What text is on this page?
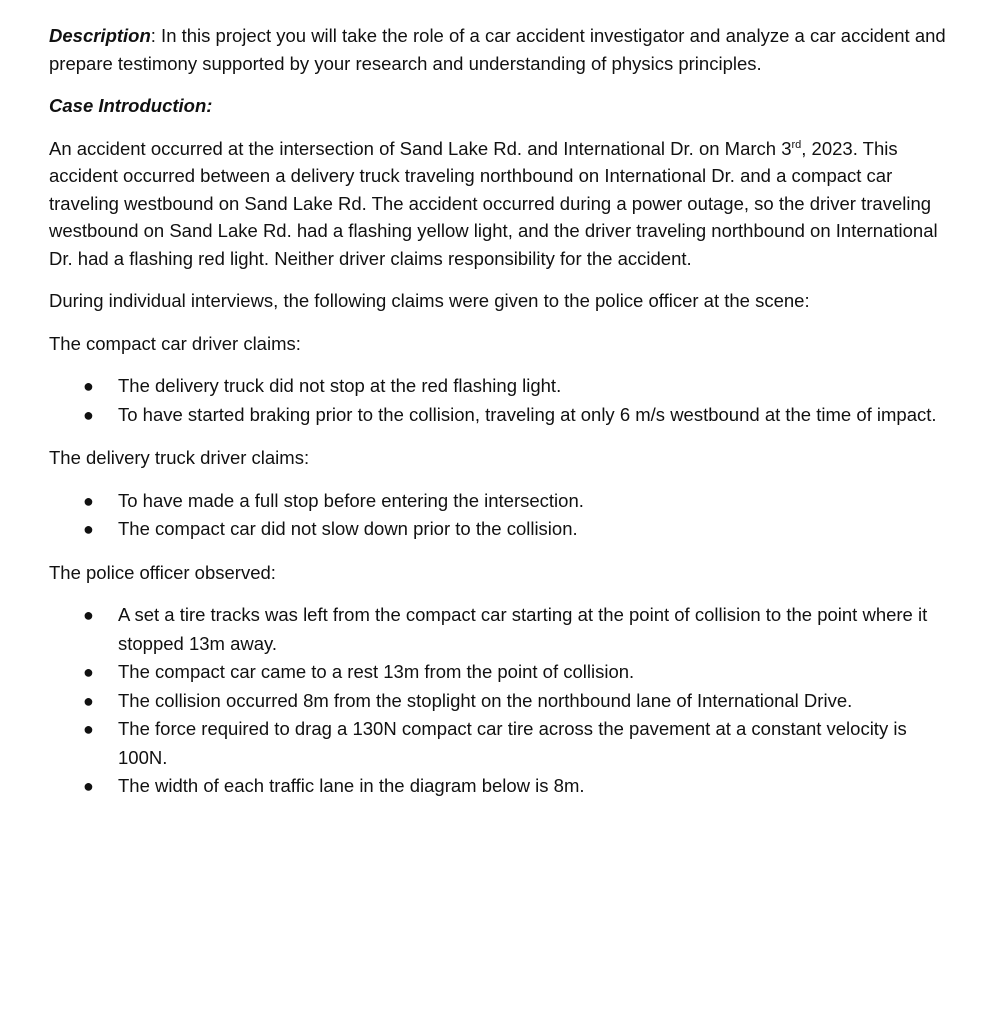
Description: In this project you will take the role of a car accident investigator and analyze a car accident and prepare testimony supported by your research and understanding of physics principles.

Case Introduction:

An accident occurred at the intersection of Sand Lake Rd. and International Dr. on March 3rd, 2023. This accident occurred between a delivery truck traveling northbound on International Dr. and a compact car traveling westbound on Sand Lake Rd. The accident occurred during a power outage, so the driver traveling westbound on Sand Lake Rd. had a flashing yellow light, and the driver traveling northbound on International Dr. had a flashing red light. Neither driver claims responsibility for the accident.

During individual interviews, the following claims were given to the police officer at the scene:

The compact car driver claims:

● The delivery truck did not stop at the red flashing light.
● To have started braking prior to the collision, traveling at only 6 m/s westbound at the time of impact.

The delivery truck driver claims:

● To have made a full stop before entering the intersection.
● The compact car did not slow down prior to the collision.

The police officer observed:

● A set a tire tracks was left from the compact car starting at the point of collision to the point where it stopped 13m away.
● The compact car came to a rest 13m from the point of collision.
● The collision occurred 8m from the stoplight on the northbound lane of International Drive.
● The force required to drag a 130N compact car tire across the pavement at a constant velocity is 100N.
● The width of each traffic lane in the diagram below is 8m.
